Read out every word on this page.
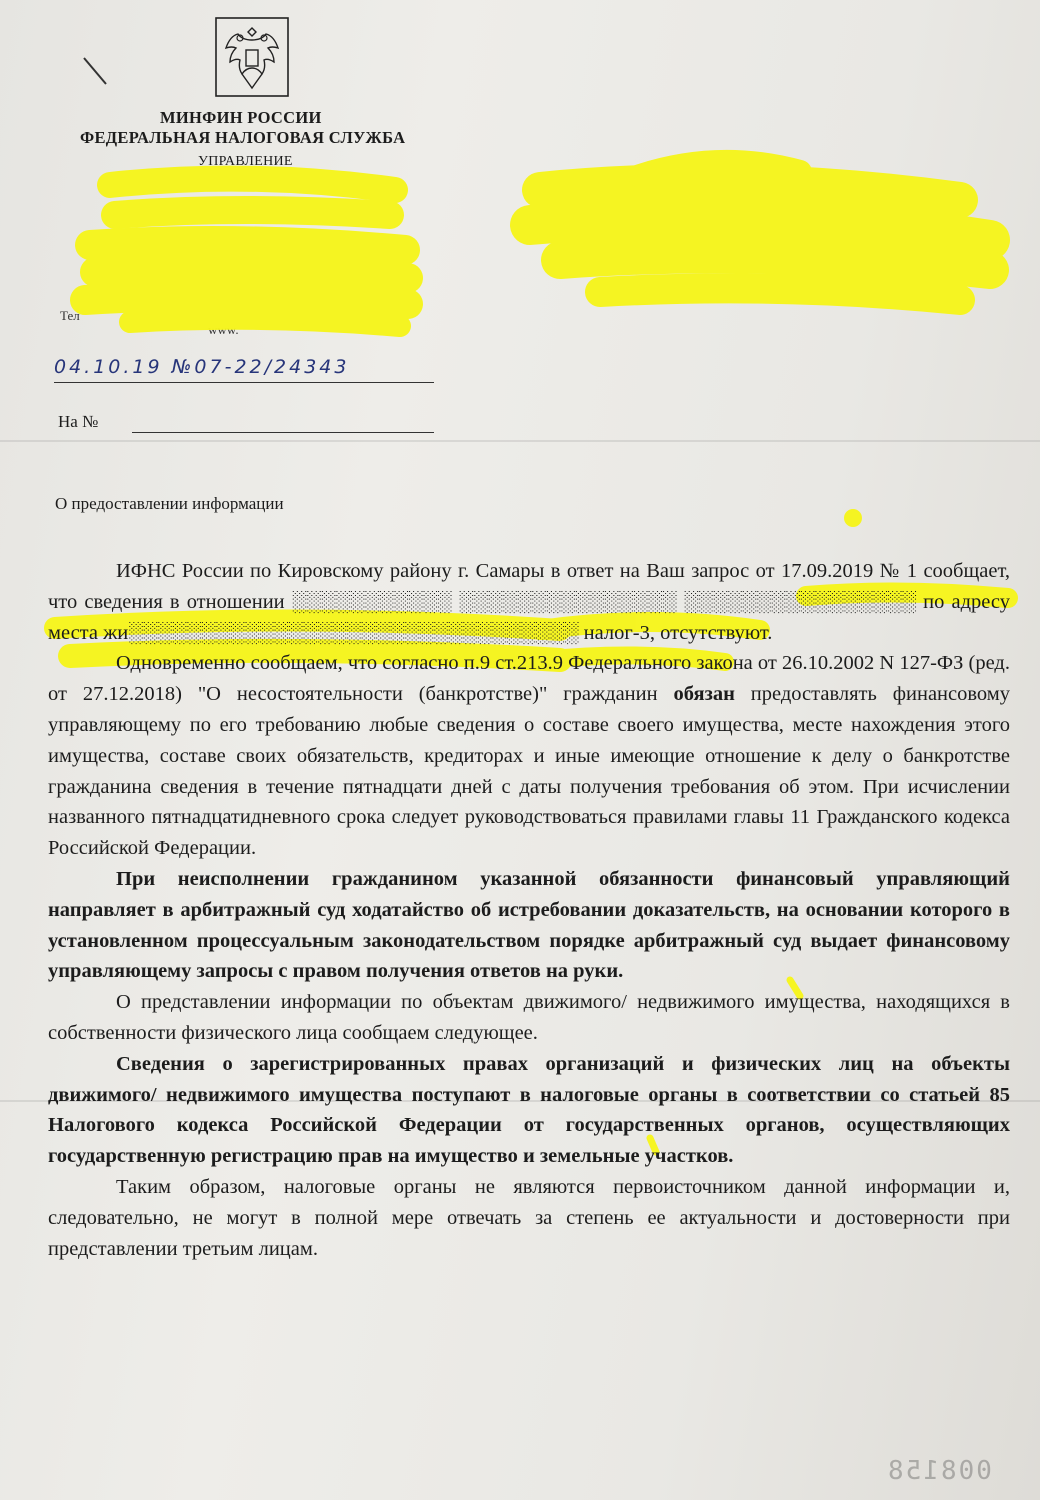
МИНФИН РОССИИ
ФЕДЕРАЛЬНАЯ НАЛОГОВАЯ СЛУЖБА
УПРАВЛЕНИЕ
Тел
www.
04.10.19 №07-22/24343
На №
О предоставлении информации

ИФНС России по Кировскому району г. Самары в ответ на Ваш запрос от 17.09.2019 № 1 сообщает, что сведения в отношении ░░░░░░░░░░░ ░░░░░░░░░░░░░░░ ░░░░░░░░░░░░░░░░ по адресу места жи░░░░░░░░░░░░░░░░░░░░░░░░░░░░░░░ налог-3, отсутствуют.

Одновременно сообщаем, что согласно п.9 ст.213.9 Федерального закона от 26.10.2002 N 127-ФЗ (ред. от 27.12.2018) "О несостоятельности (банкротстве)" гражданин обязан предоставлять финансовому управляющему по его требованию любые сведения о составе своего имущества, месте нахождения этого имущества, составе своих обязательств, кредиторах и иные имеющие отношение к делу о банкротстве гражданина сведения в течение пятнадцати дней с даты получения требования об этом. При исчислении названного пятнадцатидневного срока следует руководствоваться правилами главы 11 Гражданского кодекса Российской Федерации.

При неисполнении гражданином указанной обязанности финансовый управляющий направляет в арбитражный суд ходатайство об истребовании доказательств, на основании которого в установленном процессуальным законодательством порядке арбитражный суд выдает финансовому управляющему запросы с правом получения ответов на руки.

О представлении информации по объектам движимого/ недвижимого имущества, находящихся в собственности физического лица сообщаем следующее.

Сведения о зарегистрированных правах организаций и физических лиц на объекты движимого/ недвижимого имущества поступают в налоговые органы в соответствии со статьей 85 Налогового кодекса Российской Федерации от государственных органов, осуществляющих государственную регистрацию прав на имущество и земельные участков.

Таким образом, налоговые органы не являются первоисточником данной информации и, следовательно, не могут в полной мере отвечать за степень ее актуальности и достоверности при представлении третьим лицам.

008158
